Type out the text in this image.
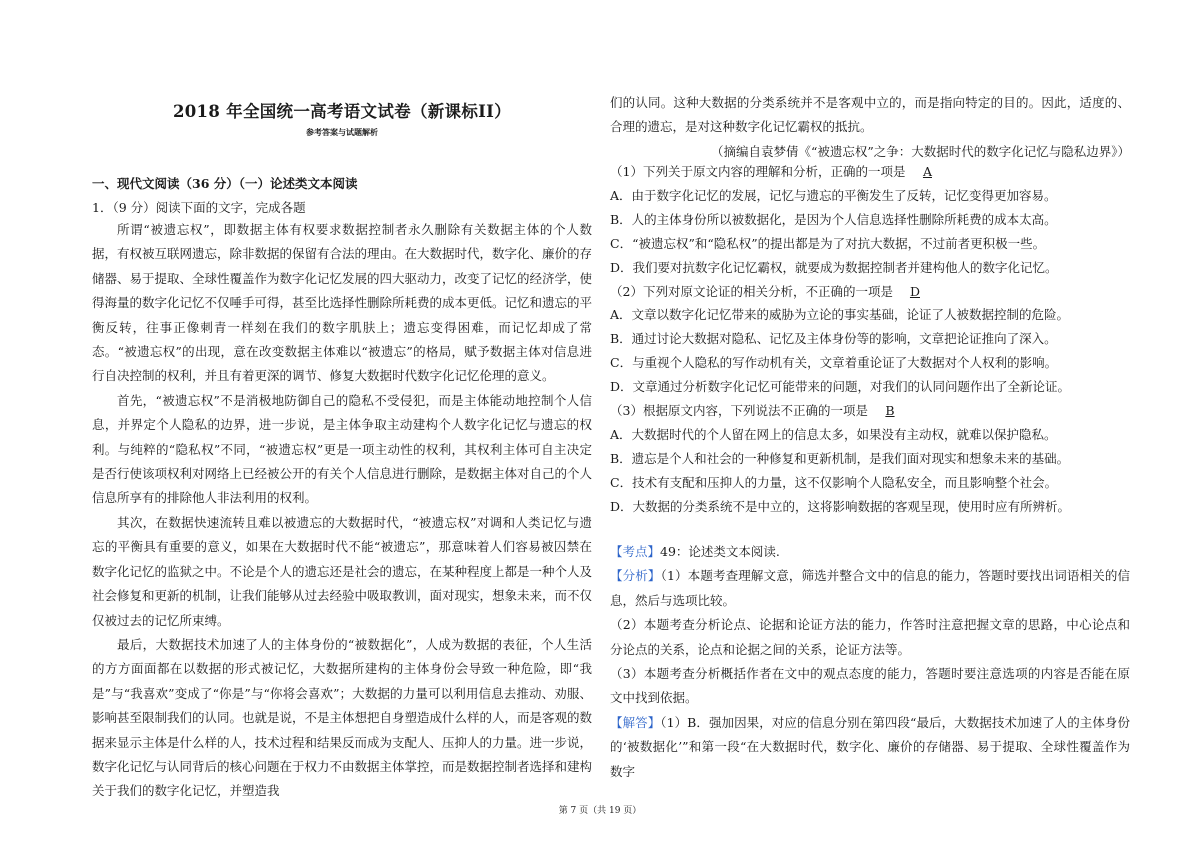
2018 年全国统一高考语文试卷（新课标II）

参考答案与试题解析

一、现代文阅读（36 分）（一）论述类文本阅读

1．（9 分）阅读下面的文字，完成各题

所谓“被遗忘权”，即数据主体有权要求数据控制者永久删除有关数据主体的个人数据，有权被互联网遗忘，除非数据的保留有合法的理由。在大数据时代，数字化、廉价的存储器、易于提取、全球性覆盖作为数字化记忆发展的四大驱动力，改变了记忆的经济学，使得海量的数字化记忆不仅唾手可得，甚至比选择性删除所耗费的成本更低。记忆和遗忘的平衡反转，往事正像刺青一样刻在我们的数字肌肤上；遗忘变得困难，而记忆却成了常态。“被遗忘权”的出现，意在改变数据主体难以“被遗忘”的格局，赋予数据主体对信息进行自决控制的权利，并且有着更深的调节、修复大数据时代数字化记忆伦理的意义。

首先，“被遗忘权”不是消极地防御自己的隐私不受侵犯，而是主体能动地控制个人信息，并界定个人隐私的边界，进一步说，是主体争取主动建构个人数字化记忆与遗忘的权利。与纯粹的“隐私权”不同，“被遗忘权”更是一项主动性的权利，其权利主体可自主决定是否行使该项权利对网络上已经被公开的有关个人信息进行删除，是数据主体对自己的个人信息所享有的排除他人非法利用的权利。

其次，在数据快速流转且难以被遗忘的大数据时代，“被遗忘权”对调和人类记忆与遗忘的平衡具有重要的意义，如果在大数据时代不能“被遗忘”，那意味着人们容易被囚禁在数字化记忆的监狱之中。不论是个人的遗忘还是社会的遗忘，在某种程度上都是一种个人及社会修复和更新的机制，让我们能够从过去经验中吸取教训，面对现实，想象未来，而不仅仅被过去的记忆所束缚。

最后，大数据技术加速了人的主体身份的“被数据化”，人成为数据的表征，个人生活的方方面面都在以数据的形式被记忆，大数据所建构的主体身份会导致一种危险，即“我是”与“我喜欢”变成了“你是”与“你将会喜欢”；大数据的力量可以利用信息去推动、劝服、影响甚至限制我们的认同。也就是说，不是主体想把自身塑造成什么样的人，而是客观的数据来显示主体是什么样的人，技术过程和结果反而成为支配人、压抑人的力量。进一步说，数字化记忆与认同背后的核心问题在于权力不由数据主体掌控，而是数据控制者选择和建构关于我们的数字化记忆，并塑造我

们的认同。这种大数据的分类系统并不是客观中立的，而是指向特定的目的。因此，适度的、合理的遗忘，是对这种数字化记忆霸权的抵抗。

（摘编自袁梦倩《“被遗忘权”之争：大数据时代的数字化记忆与隐私边界》）

（1）下列关于原文内容的理解和分析，正确的一项是 A

A．由于数字化记忆的发展，记忆与遗忘的平衡发生了反转，记忆变得更加容易。

B．人的主体身份所以被数据化，是因为个人信息选择性删除所耗费的成本太高。

C．“被遗忘权”和“隐私权”的提出都是为了对抗大数据，不过前者更积极一些。

D．我们要对抗数字化记忆霸权，就要成为数据控制者并建构他人的数字化记忆。

（2）下列对原文论证的相关分析，不正确的一项是 D

A．文章以数字化记忆带来的威胁为立论的事实基础，论证了人被数据控制的危险。

B．通过讨论大数据对隐私、记忆及主体身份等的影响，文章把论证推向了深入。

C．与重视个人隐私的写作动机有关，文章着重论证了大数据对个人权利的影响。

D．文章通过分析数字化记忆可能带来的问题，对我们的认同问题作出了全新论证。

（3）根据原文内容，下列说法不正确的一项是 B

A．大数据时代的个人留在网上的信息太多，如果没有主动权，就难以保护隐私。

B．遗忘是个人和社会的一种修复和更新机制，是我们面对现实和想象未来的基础。

C．技术有支配和压抑人的力量，这不仅影响个人隐私安全，而且影响整个社会。

D．大数据的分类系统不是中立的，这将影响数据的客观呈现，使用时应有所辨析。

【考点】49：论述类文本阅读.

【分析】（1）本题考查理解文意，筛选并整合文中的信息的能力，答题时要找出词语相关的信息，然后与选项比较。

（2）本题考查分析论点、论据和论证方法的能力，作答时注意把握文章的思路，中心论点和分论点的关系，论点和论据之间的关系，论证方法等。

（3）本题考查分析概括作者在文中的观点态度的能力，答题时要注意选项的内容是否能在原文中找到依据。

【解答】（1）B．强加因果，对应的信息分别在第四段“最后，大数据技术加速了人的主体身份的‘被数据化’”和第一段“在大数据时代，数字化、廉价的存储器、易于提取、全球性覆盖作为数字

第 7 页（共 19 页）
